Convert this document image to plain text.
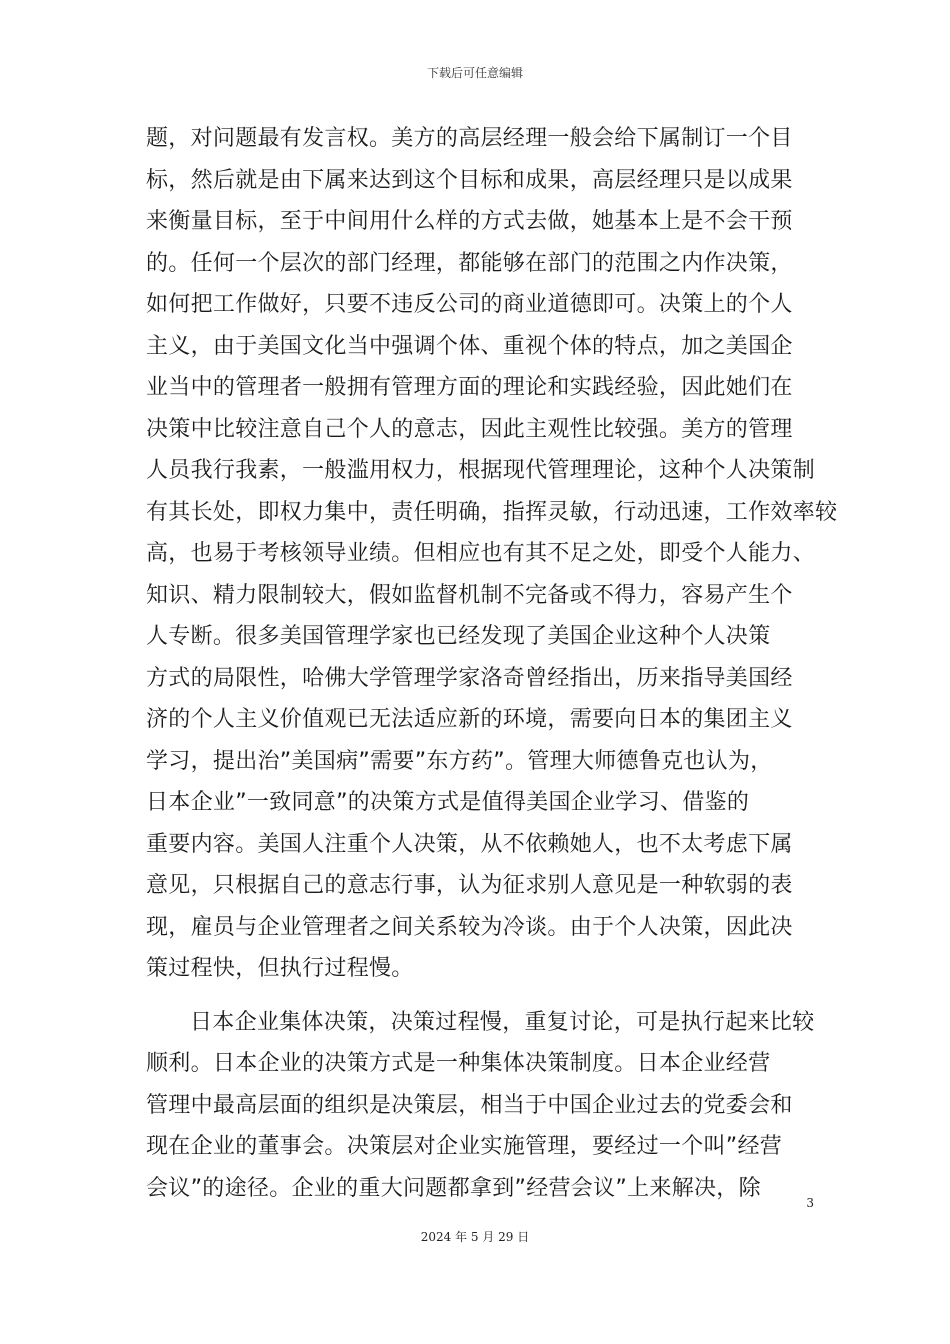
下载后可任意编辑
题，对问题最有发言权。美方的高层经理一般会给下属制订一个目
标，然后就是由下属来达到这个目标和成果，高层经理只是以成果
来衡量目标，至于中间用什么样的方式去做，她基本上是不会干预
的。任何一个层次的部门经理，都能够在部门的范围之内作决策，
如何把工作做好，只要不违反公司的商业道德即可。决策上的个人
主义，由于美国文化当中强调个体、重视个体的特点，加之美国企
业当中的管理者一般拥有管理方面的理论和实践经验，因此她们在
决策中比较注意自己个人的意志，因此主观性比较强。美方的管理
人员我行我素，一般滥用权力，根据现代管理理论，这种个人决策制
有其长处，即权力集中，责任明确，指挥灵敏，行动迅速，工作效率较
高，也易于考核领导业绩。但相应也有其不足之处，即受个人能力、
知识、精力限制较大，假如监督机制不完备或不得力，容易产生个
人专断。很多美国管理学家也已经发现了美国企业这种个人决策
方式的局限性，哈佛大学管理学家洛奇曾经指出，历来指导美国经
济的个人主义价值观已无法适应新的环境，需要向日本的集团主义
学习，提出治”美国病”需要”东方药”。管理大师德鲁克也认为，
日本企业”一致同意”的决策方式是值得美国企业学习、借鉴的
重要内容。美国人注重个人决策，从不依赖她人，也不太考虑下属
意见，只根据自己的意志行事，认为征求别人意见是一种软弱的表
现，雇员与企业管理者之间关系较为冷谈。由于个人决策，因此决
策过程快，但执行过程慢。
日本企业集体决策，决策过程慢，重复讨论，可是执行起来比较
顺利。日本企业的决策方式是一种集体决策制度。日本企业经营
管理中最高层面的组织是决策层，相当于中国企业过去的党委会和
现在企业的董事会。决策层对企业实施管理，要经过一个叫”经营
会议”的途径。企业的重大问题都拿到”经营会议”上来解决，除
3
2024 年 5 月 29 日
